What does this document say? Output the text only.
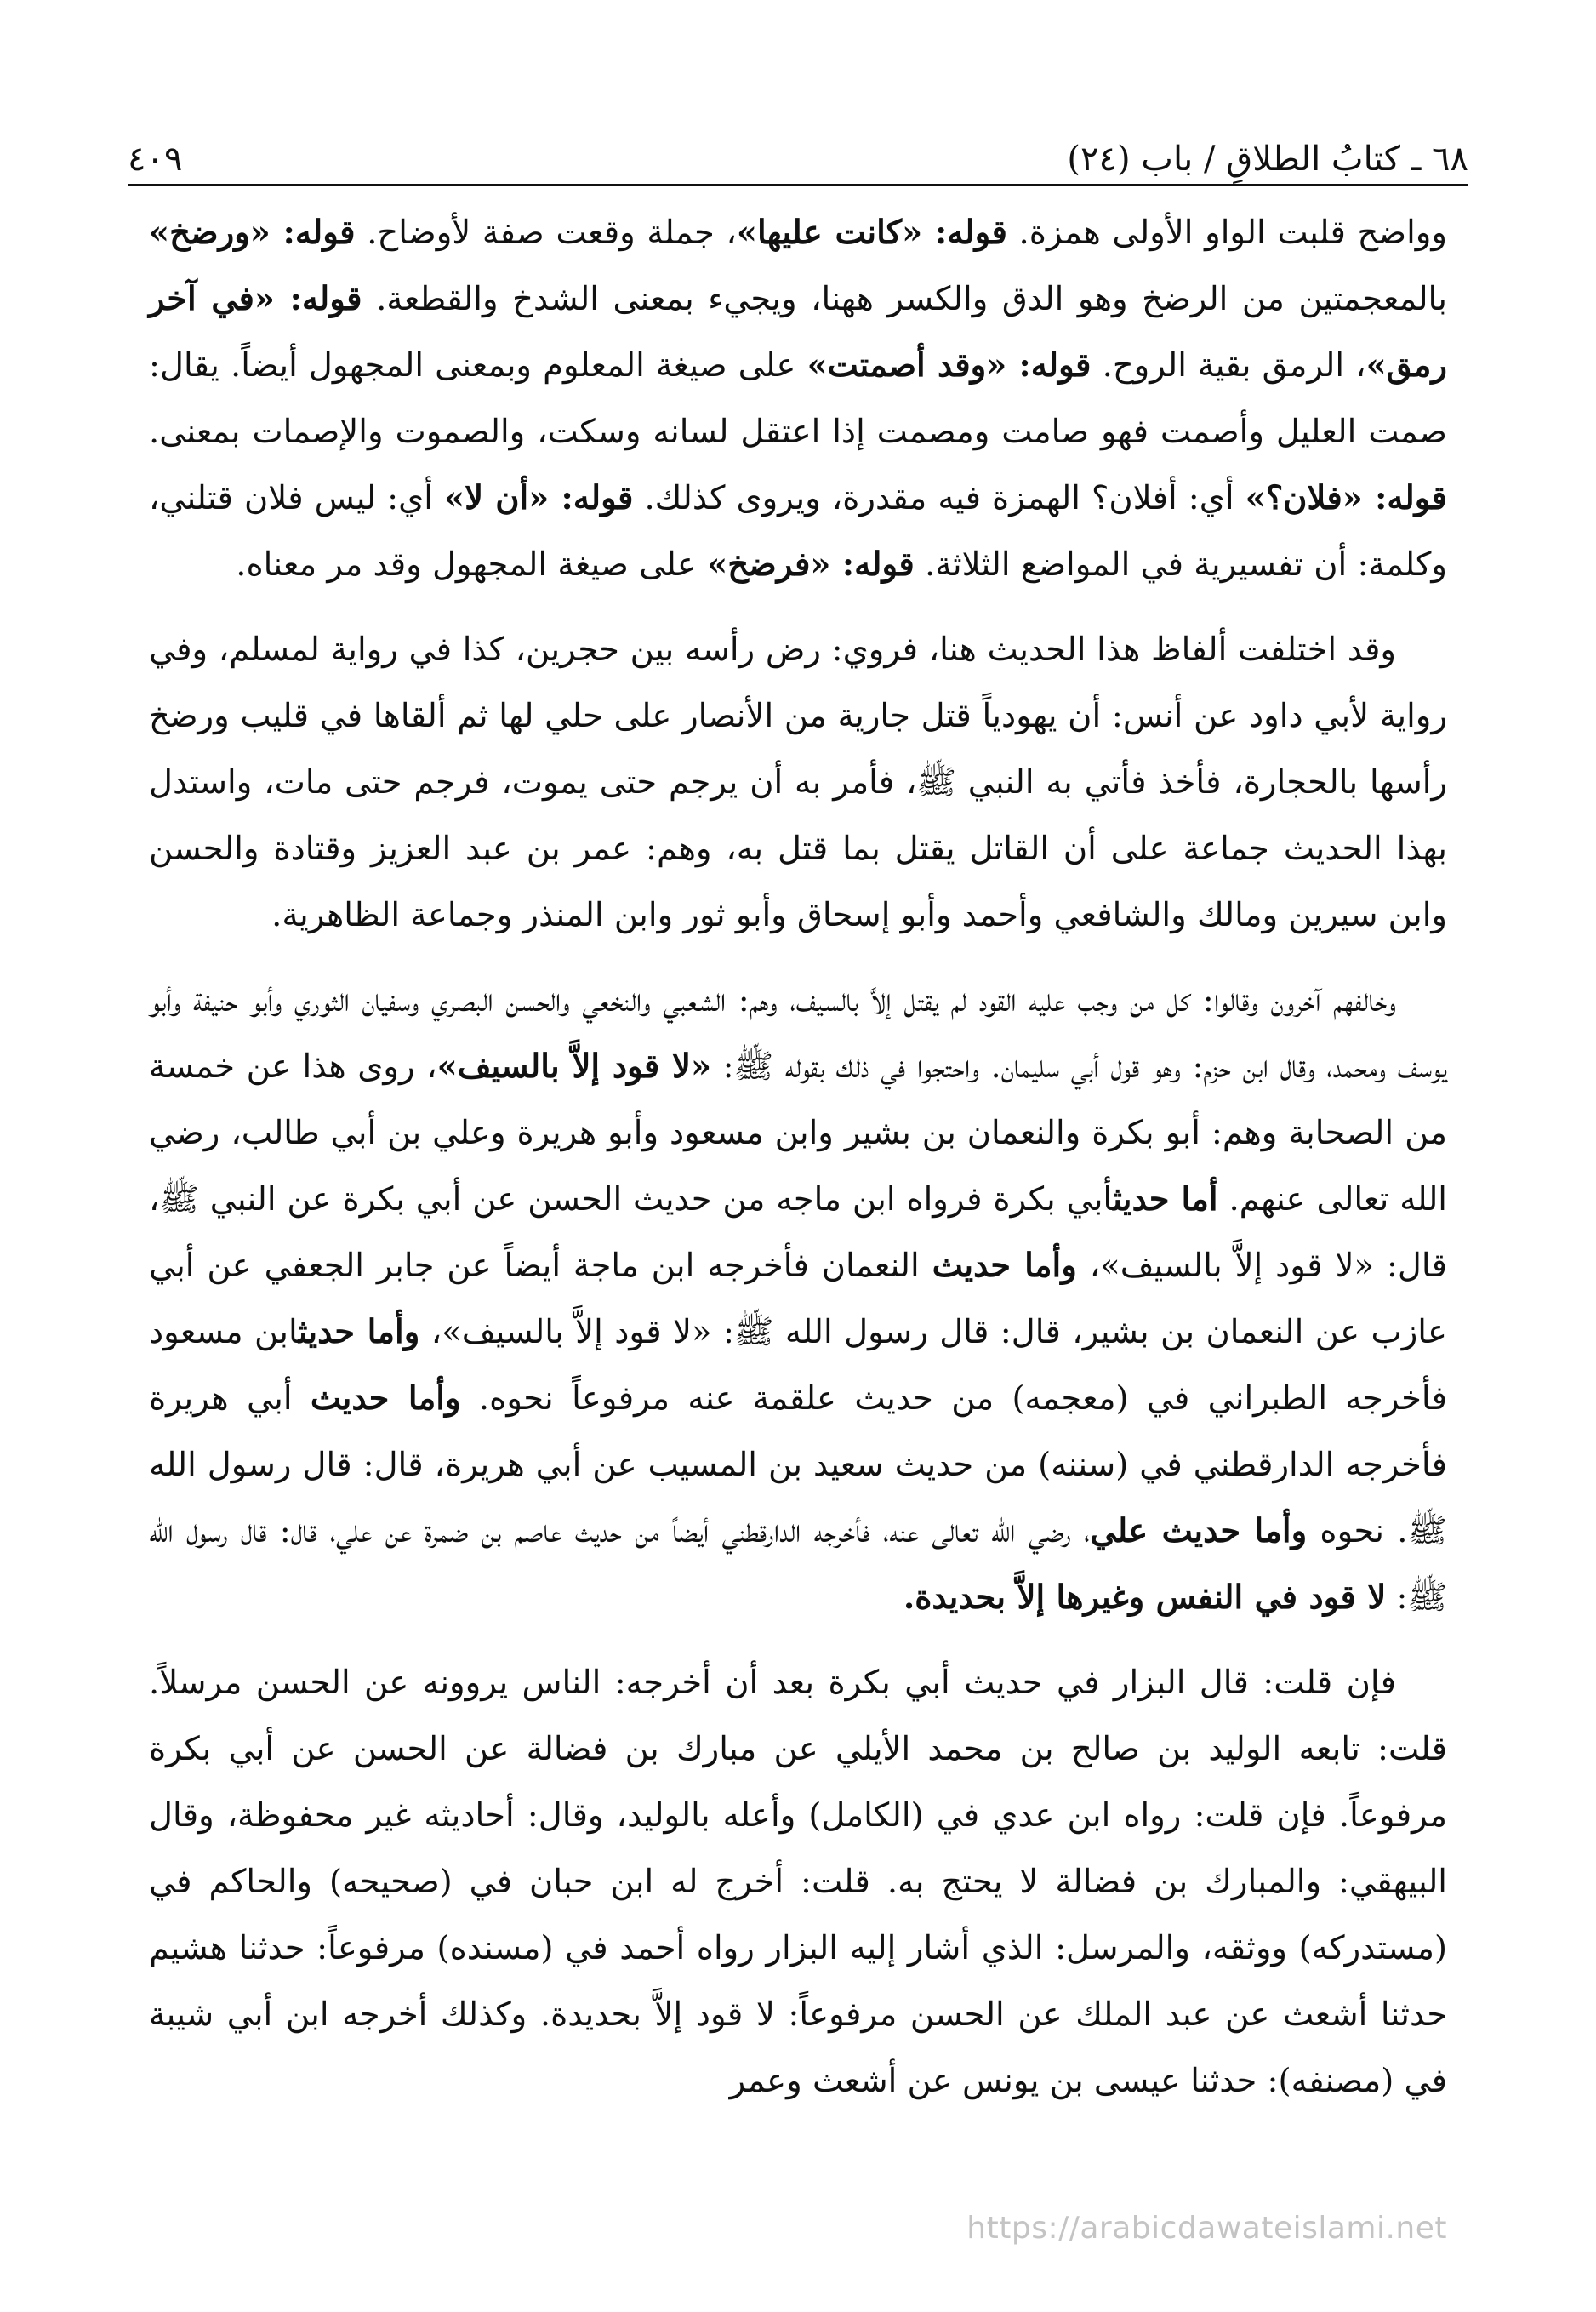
٦٨ ـ كتابُ الطلاقِ / باب (٢٤)
٤٠٩

وواضح قلبت الواو الأولى همزة. قوله: «كانت عليها»، جملة وقعت صفة لأوضاح. قوله: «ورضخ» بالمعجمتين من الرضخ وهو الدق والكسر ههنا، ويجيء بمعنى الشدخ والقطعة. قوله: «في آخر رمق»، الرمق بقية الروح. قوله: «وقد أصمتت» على صيغة المعلوم وبمعنى المجهول أيضاً. يقال: صمت العليل وأصمت فهو صامت ومصمت إذا اعتقل لسانه وسكت، والصموت والإصمات بمعنى. قوله: «فلان؟» أي: أفلان؟ الهمزة فيه مقدرة، ويروى كذلك. قوله: «أن لا» أي: ليس فلان قتلني، وكلمة: أن تفسيرية في المواضع الثلاثة. قوله: «فرضخ» على صيغة المجهول وقد مر معناه.

وقد اختلفت ألفاظ هذا الحديث هنا، فروي: رض رأسه بين حجرين، كذا في رواية لمسلم، وفي رواية لأبي داود عن أنس: أن يهودياً قتل جارية من الأنصار على حلي لها ثم ألقاها في قليب ورضخ رأسها بالحجارة، فأخذ فأتي به النبي ﷺ، فأمر به أن يرجم حتى يموت، فرجم حتى مات، واستدل بهذا الحديث جماعة على أن القاتل يقتل بما قتل به، وهم: عمر بن عبد العزيز وقتادة والحسن وابن سيرين ومالك والشافعي وأحمد وأبو إسحاق وأبو ثور وابن المنذر وجماعة الظاهرية.

وخالفهم آخرون وقالوا: كل من وجب عليه القود لم يقتل إلاَّ بالسيف، وهم: الشعبي والنخعي والحسن البصري وسفيان الثوري وأبو حنيفة وأبو يوسف ومحمد، وقال ابن حزم: وهو قول أبي سليمان. واحتجوا في ذلك بقوله ﷺ: «لا قود إلاَّ بالسيف»، روى هذا عن خمسة من الصحابة وهم: أبو بكرة والنعمان بن بشير وابن مسعود وأبو هريرة وعلي بن أبي طالب، رضي الله تعالى عنهم. أما حديثأبي بكرة فرواه ابن ماجه من حديث الحسن عن أبي بكرة عن النبي ﷺ، قال: «لا قود إلاَّ بالسيف»، وأما حديث النعمان فأخرجه ابن ماجة أيضاً عن جابر الجعفي عن أبي عازب عن النعمان بن بشير، قال: قال رسول الله ﷺ: «لا قود إلاَّ بالسيف»، وأما حديثابن مسعود فأخرجه الطبراني في (معجمه) من حديث علقمة عنه مرفوعاً نحوه. وأما حديث أبي هريرة فأخرجه الدارقطني في (سننه) من حديث سعيد بن المسيب عن أبي هريرة، قال: قال رسول الله ﷺ. نحوه وأما حديث علي، رضي الله تعالى عنه، فأخرجه الدارقطني أيضاً من حديث عاصم بن ضمرة عن علي، قال: قال رسول الله ﷺ: لا قود في النفس وغيرها إلاَّ بحديدة.

فإن قلت: قال البزار في حديث أبي بكرة بعد أن أخرجه: الناس يروونه عن الحسن مرسلاً. قلت: تابعه الوليد بن صالح بن محمد الأيلي عن مبارك بن فضالة عن الحسن عن أبي بكرة مرفوعاً. فإن قلت: رواه ابن عدي في (الكامل) وأعله بالوليد، وقال: أحاديثه غير محفوظة، وقال البيهقي: والمبارك بن فضالة لا يحتج به. قلت: أخرج له ابن حبان في (صحيحه) والحاكم في (مستدركه) ووثقه، والمرسل: الذي أشار إليه البزار رواه أحمد في (مسنده) مرفوعاً: حدثنا هشيم حدثنا أشعث عن عبد الملك عن الحسن مرفوعاً: لا قود إلاَّ بحديدة. وكذلك أخرجه ابن أبي شيبة في (مصنفه): حدثنا عيسى بن يونس عن أشعث وعمر

https://arabicdawateislami.net
